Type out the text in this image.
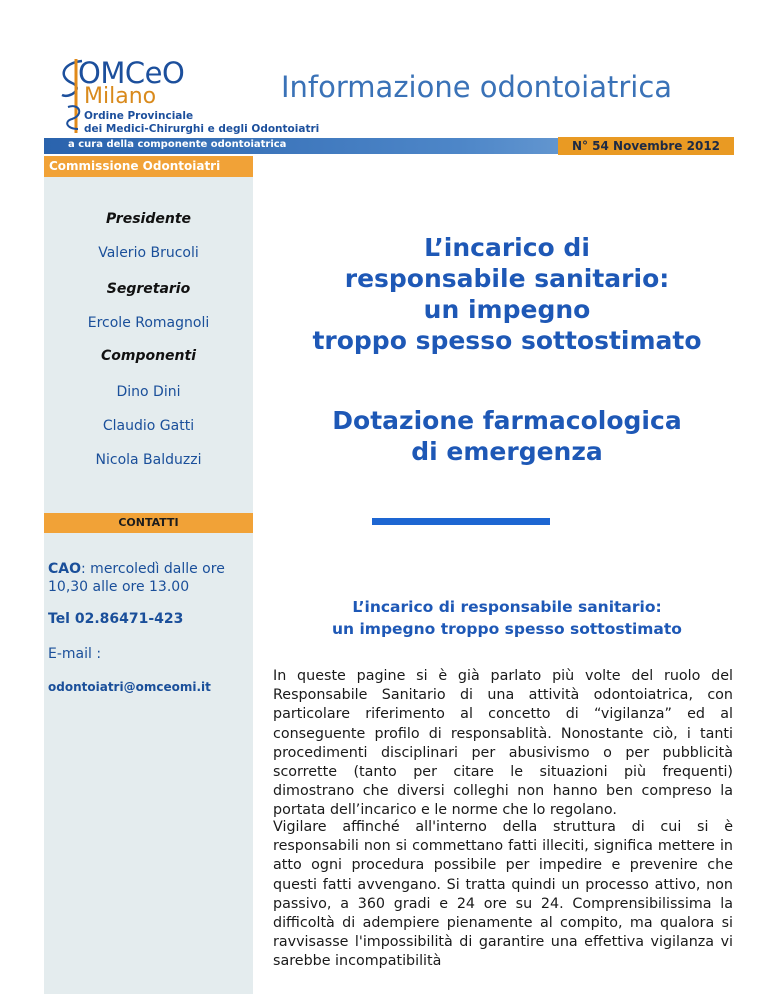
OMCeO
Milano
Ordine Provinciale
dei Medici-Chirurghi e degli Odontoiatri
Informazione odontoiatrica
a cura della componente odontoiatrica	N° 54 Novembre 2012
Commissione Odontoiatri
Presidente
Valerio Brucoli
Segretario
Ercole Romagnoli
Componenti
Dino Dini
Claudio Gatti
Nicola Balduzzi
CONTATTI
CAO: mercoledì dalle ore 10,30 alle ore 13.00
Tel 02.86471-423
E-mail :
odontoiatri@omceomi.it
L’incarico di
responsabile sanitario:
un impegno
troppo spesso sottostimato
Dotazione farmacologica
di emergenza
L’incarico di responsabile sanitario:
un impegno troppo spesso sottostimato
In queste pagine si è già parlato più volte del ruolo del Responsabile Sanitario di una attività odontoiatrica, con particolare riferimento al concetto di “vigilanza” ed al conseguente profilo di responsablità. Nonostante ciò, i tanti procedimenti disciplinari per abusivismo o per pubblicità scorrette (tanto per citare le situazioni più frequenti) dimostrano che diversi colleghi non hanno ben compreso la portata dell’incarico e le norme che lo regolano.
Vigilare affinché all'interno della struttura di cui si è responsabili non si commettano fatti illeciti, significa mettere in atto ogni procedura possibile per impedire e prevenire che questi fatti avvengano. Si tratta quindi un processo attivo, non passivo, a 360 gradi e 24 ore su 24. Comprensibilissima la difficoltà di adempiere pienamente al compito, ma qualora si ravvisasse l'impossibilità di garantire una effettiva vigilanza vi sarebbe incompatibilità
